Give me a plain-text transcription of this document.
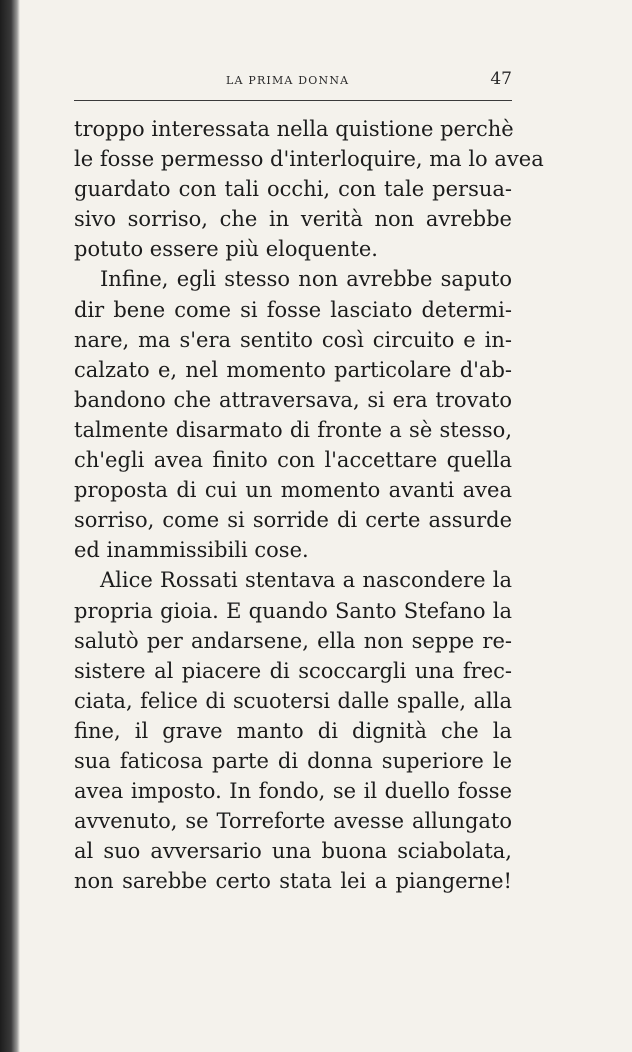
LA PRIMA DONNA	47
troppo interessata nella quistione perchè
le fosse permesso d'interloquire, ma lo avea
guardato con tali occhi, con tale persua-
sivo sorriso, che in verità non avrebbe
potuto essere più eloquente.
Infine, egli stesso non avrebbe saputo
dir bene come si fosse lasciato determi-
nare, ma s'era sentito così circuito e in-
calzato e, nel momento particolare d'ab-
bandono che attraversava, si era trovato
talmente disarmato di fronte a sè stesso,
ch'egli avea finito con l'accettare quella
proposta di cui un momento avanti avea
sorriso, come si sorride di certe assurde
ed inammissibili cose.
Alice Rossati stentava a nascondere la
propria gioia. E quando Santo Stefano la
salutò per andarsene, ella non seppe re-
sistere al piacere di scoccargli una frec-
ciata, felice di scuotersi dalle spalle, alla
fine, il grave manto di dignità che la
sua faticosa parte di donna superiore le
avea imposto. In fondo, se il duello fosse
avvenuto, se Torreforte avesse allungato
al suo avversario una buona sciabolata,
non sarebbe certo stata lei a piangerne!
